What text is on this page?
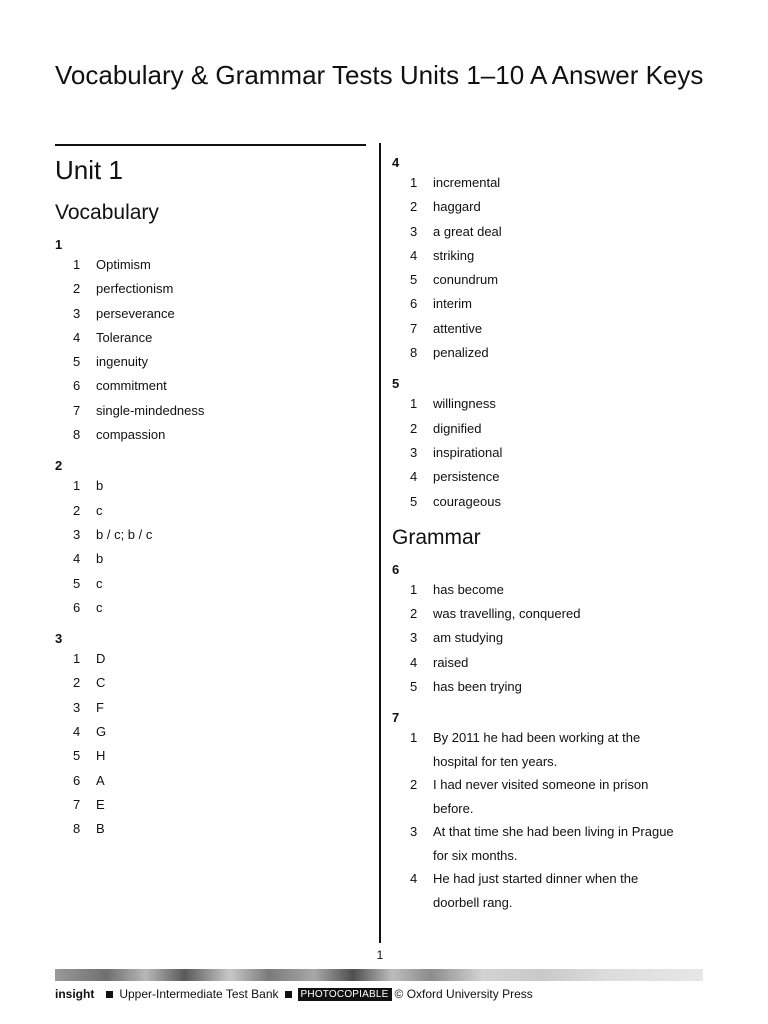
Vocabulary & Grammar Tests Units 1–10 A Answer Keys
Unit 1
Vocabulary

1

1	Optimism
2	perfectionism
3	perseverance
4	Tolerance
5	ingenuity
6	commitment
7	single-mindedness
8	compassion

2

1	b
2	c
3	b / c; b / c
4	b
5	c
6	c

3

1	D
2	C
3	F
4	G
5	H
6	A
7	E
8	B

4

1	incremental
2	haggard
3	a great deal
4	striking
5	conundrum
6	interim
7	attentive
8	penalized

5

1	willingness
2	dignified
3	inspirational
4	persistence
5	courageous
Grammar

6

1	has become
2	was travelling, conquered
3	am studying
4	raised
5	has been trying

7

1	By 2011 he had been working at the hospital for ten years.
2	I had never visited someone in prison before.
3	At that time she had been living in Prague for six months.
4	He had just started dinner when the doorbell rang.
1
insight Upper-Intermediate Test Bank	PHOTOCOPIABLE © Oxford University Press
